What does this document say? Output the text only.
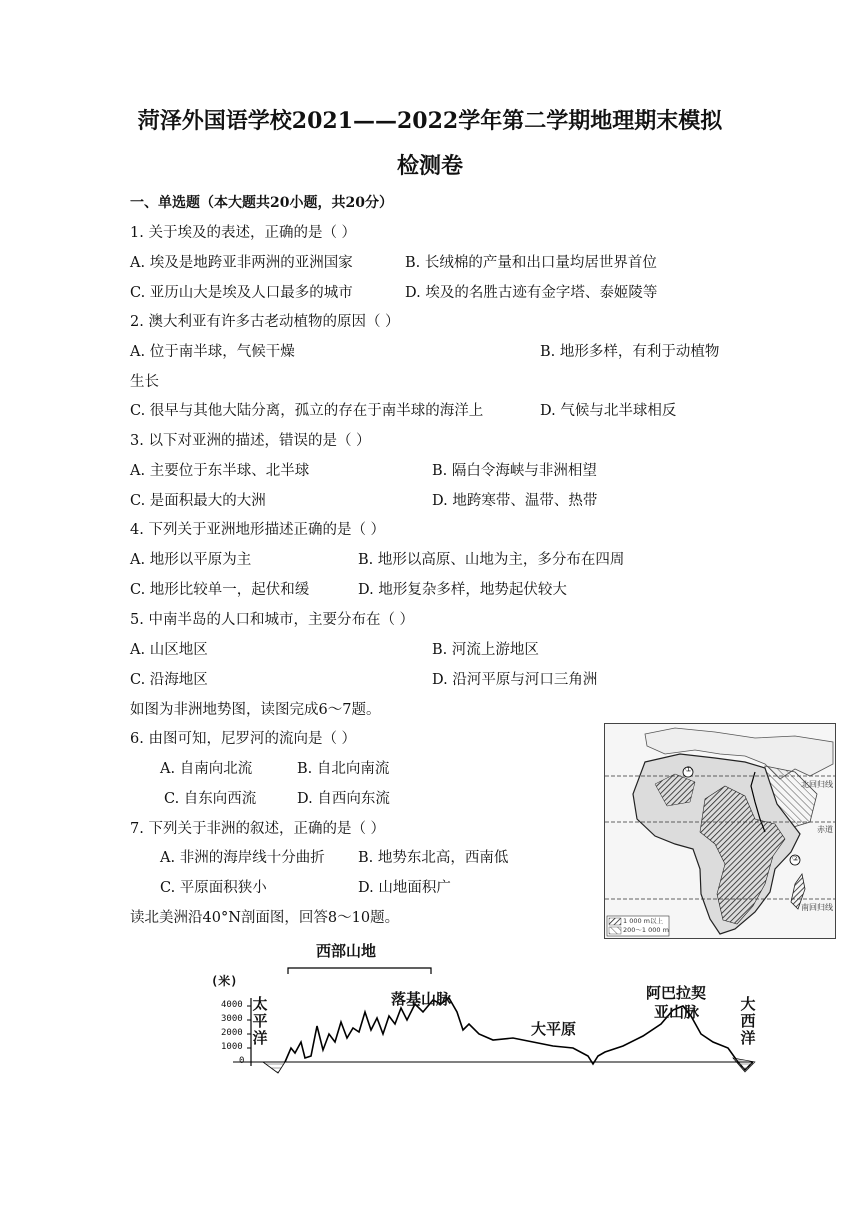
菏泽外国语学校2021——2022学年第二学期地理期末模拟
检测卷
一、单选题（本大题共20小题，共20分）
1. 关于埃及的表述，正确的是（ ）
A. 埃及是地跨亚非两洲的亚洲国家	B. 长绒棉的产量和出口量均居世界首位
C. 亚历山大是埃及人口最多的城市	D. 埃及的名胜古迹有金字塔、泰姬陵等
2. 澳大利亚有许多古老动植物的原因（ ）
A. 位于南半球，气候干燥	B. 地形多样，有利于动植物
生长
C. 很早与其他大陆分离，孤立的存在于南半球的海洋上	D. 气候与北半球相反
3. 以下对亚洲的描述，错误的是（ ）
A. 主要位于东半球、北半球	B. 隔白令海峡与非洲相望
C. 是面积最大的大洲	D. 地跨寒带、温带、热带
4. 下列关于亚洲地形描述正确的是（ ）
A. 地形以平原为主	B. 地形以高原、山地为主，多分布在四周
C. 地形比较单一，起伏和缓	D. 地形复杂多样，地势起伏较大
5. 中南半岛的人口和城市，主要分布在（ ）
A. 山区地区	B. 河流上游地区
C. 沿海地区	D. 沿河平原与河口三角洲
如图为非洲地势图，读图完成6～7题。
6. 由图可知，尼罗河的流向是（ ）
A. 自南向北流	B. 自北向南流
C. 自东向西流	D. 自西向东流
7. 下列关于非洲的叙述，正确的是（ ）
A. 非洲的海岸线十分曲折 B. 地势东北高，西南低
C. 平原面积狭小	D. 山地面积广
读北美洲沿40°N剖面图，回答8～10题。
①
②
北回归线
赤道
南回归线
1 000 m以上
200～1 000 m
(米)
4000
3000
2000
1000
0
西部山地
落基山脉
大平原
阿巴拉契
亚山脉
太
平
洋
大
西
洋
